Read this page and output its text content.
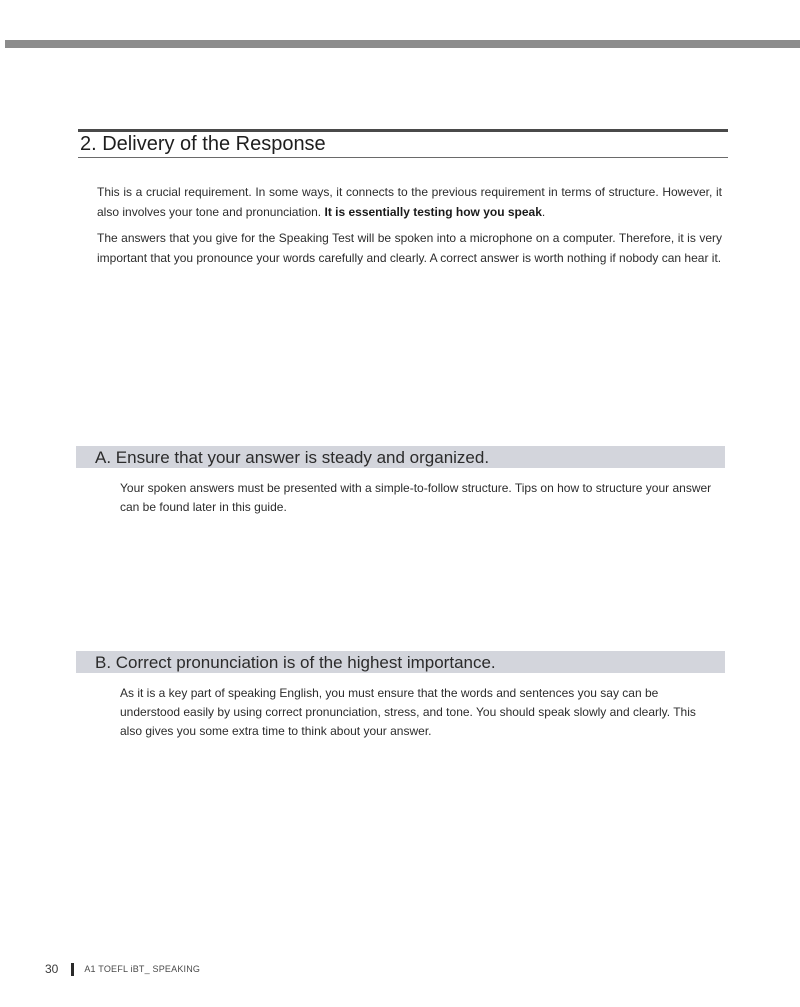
2. Delivery of the Response

This is a crucial requirement. In some ways, it connects to the previous requirement in terms of structure. However, it also involves your tone and pronunciation. It is essentially testing how you speak.

The answers that you give for the Speaking Test will be spoken into a microphone on a computer. Therefore, it is very important that you pronounce your words carefully and clearly. A correct answer is worth nothing if nobody can hear it.

A. Ensure that your answer is steady and organized.

Your spoken answers must be presented with a simple-to-follow structure. Tips on how to structure your answer can be found later in this guide.

B. Correct pronunciation is of the highest importance.

As it is a key part of speaking English, you must ensure that the words and sentences you say can be understood easily by using correct pronunciation, stress, and tone. You should speak slowly and clearly. This also gives you some extra time to think about your answer.

30	A1 TOEFL iBT_ SPEAKING
